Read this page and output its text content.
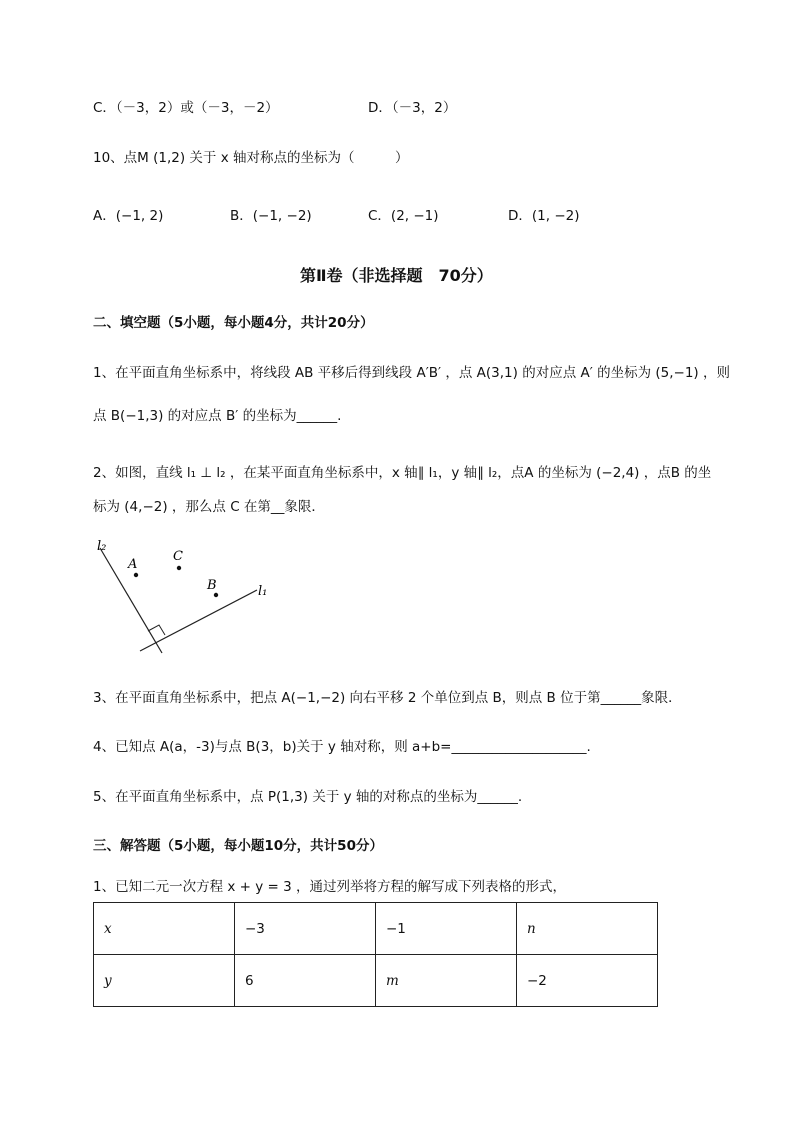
C．（－3，2）或（－3，－2）	D．（－3，2）
10、点M (1,2) 关于 x 轴对称点的坐标为（　　　）
A．(−1, 2)	B．(−1, −2)	C．(2, −1)	D．(1, −2)
第Ⅱ卷（非选择题　70分）
二、填空题（5小题，每小题4分，共计20分）
1、在平面直角坐标系中，将线段 AB 平移后得到线段 A′B′ ，点 A(3,1) 的对应点 A′ 的坐标为 (5,−1) ，则
点 B(−1,3) 的对应点 B′ 的坐标为______.
2、如图，直线 l₁ ⊥ l₂ ，在某平面直角坐标系中，x 轴∥ l₁，y 轴∥ l₂，点A 的坐标为 (−2,4) ，点B 的坐
标为 (4,−2) ，那么点 C 在第__象限．
l₂
l₁
A
C
B
3、在平面直角坐标系中，把点 A(−1,−2) 向右平移 2 个单位到点 B，则点 B 位于第______象限．
4、已知点 A(a，-3)与点 B(3，b)关于 y 轴对称，则 a+b=____________________.
5、在平面直角坐标系中，点 P(1,3) 关于 y 轴的对称点的坐标为______.
三、解答题（5小题，每小题10分，共计50分）
1、已知二元一次方程 x + y = 3 ，通过列举将方程的解写成下列表格的形式，
x	−3	−1	n
y	6	m	−2
